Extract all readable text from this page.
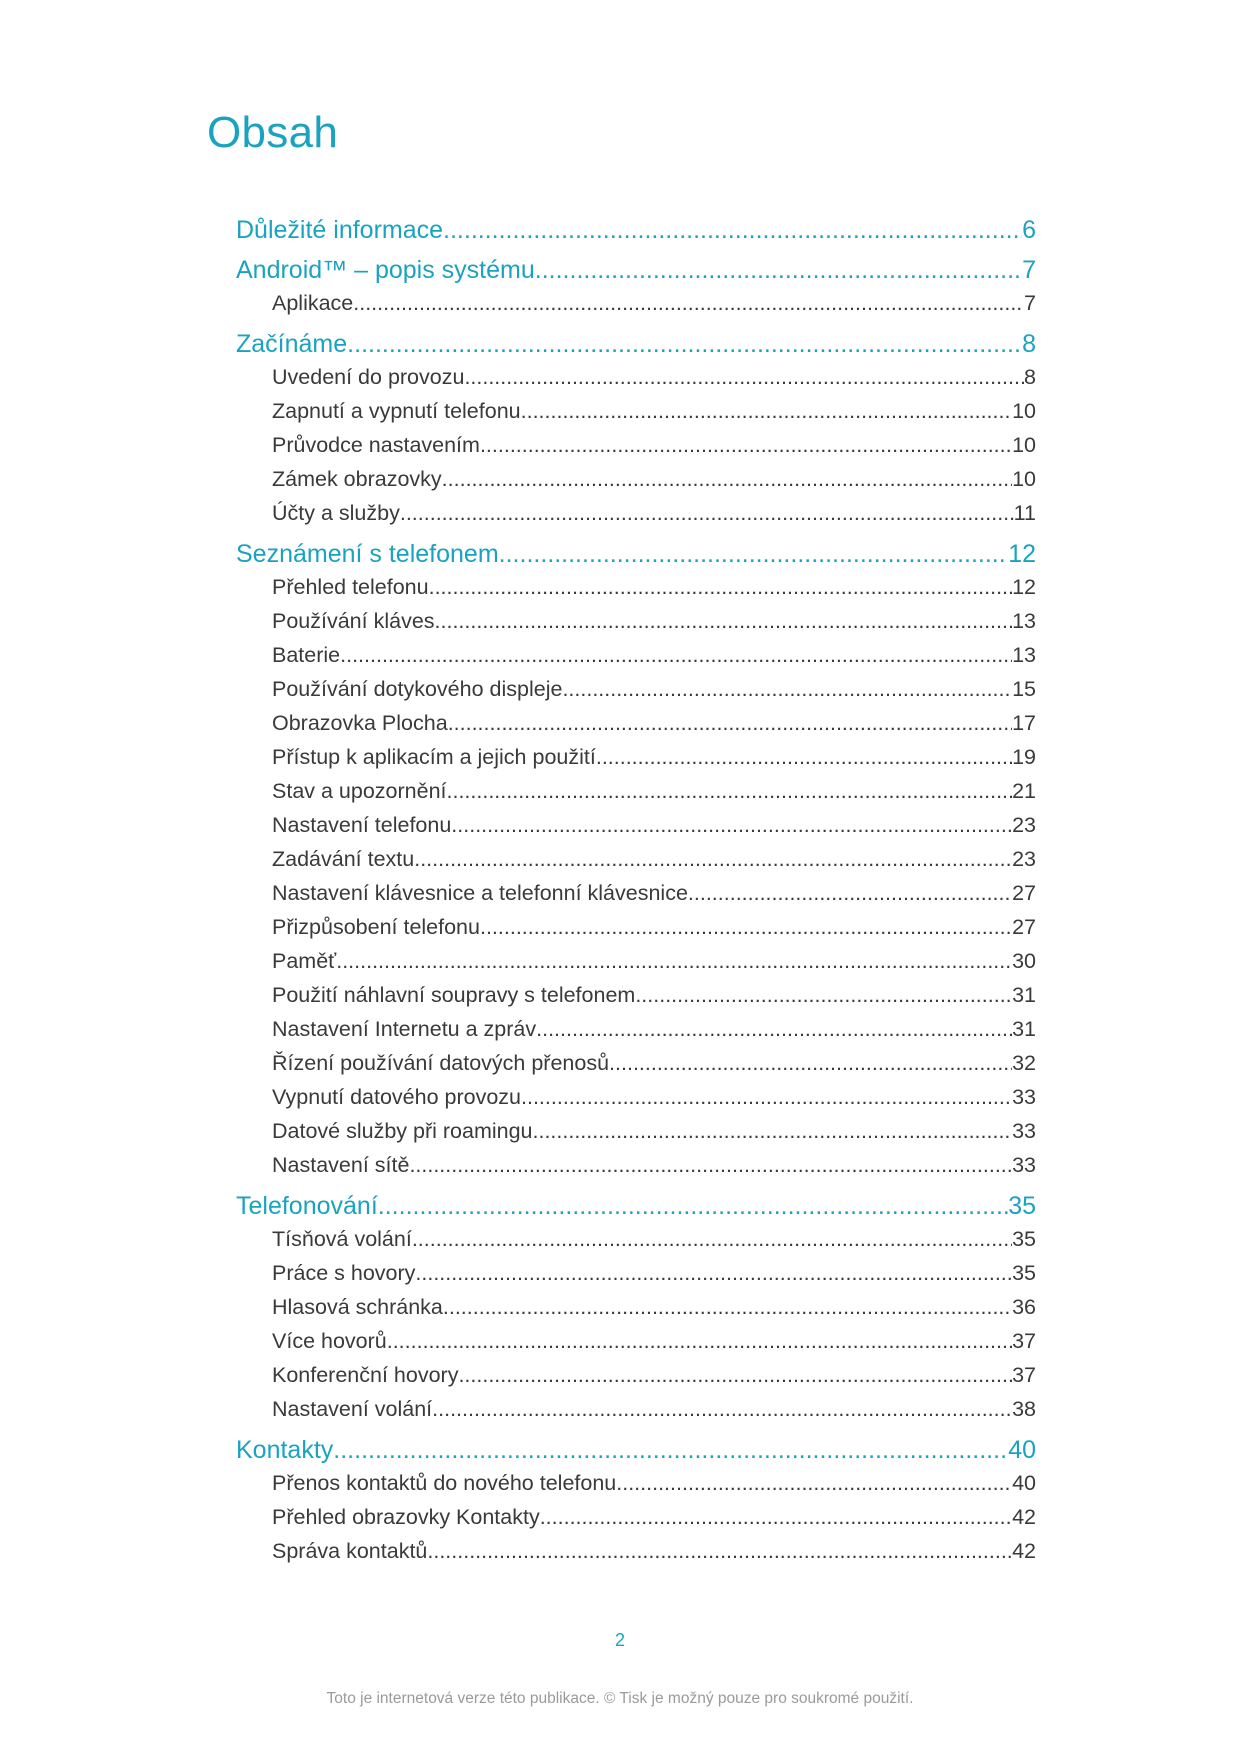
Obsah
Důležité informace .....	6
Android™ – popis systému .....	7
Aplikace .....	7
Začínáme .....	8
Uvedení do provozu .....	8
Zapnutí a vypnutí telefonu .....	10
Průvodce nastavením .....	10
Zámek obrazovky .....	10
Účty a služby .....	11
Seznámení s telefonem .....	12
Přehled telefonu .....	12
Používání kláves .....	13
Baterie .....	13
Používání dotykového displeje .....	15
Obrazovka Plocha .....	17
Přístup k aplikacím a jejich použití .....	19
Stav a upozornění .....	21
Nastavení telefonu .....	23
Zadávání textu .....	23
Nastavení klávesnice a telefonní klávesnice .....	27
Přizpůsobení telefonu .....	27
Paměť .....	30
Použití náhlavní soupravy s telefonem .....	31
Nastavení Internetu a zpráv .....	31
Řízení používání datových přenosů .....	32
Vypnutí datového provozu .....	33
Datové služby při roamingu .....	33
Nastavení sítě .....	33
Telefonování .....	35
Tísňová volání .....	35
Práce s hovory .....	35
Hlasová schránka .....	36
Více hovorů .....	37
Konferenční hovory .....	37
Nastavení volání .....	38
Kontakty .....	40
Přenos kontaktů do nového telefonu .....	40
Přehled obrazovky Kontakty .....	42
Správa kontaktů .....	42
2
Toto je internetová verze této publikace. © Tisk je možný pouze pro soukromé použití.
